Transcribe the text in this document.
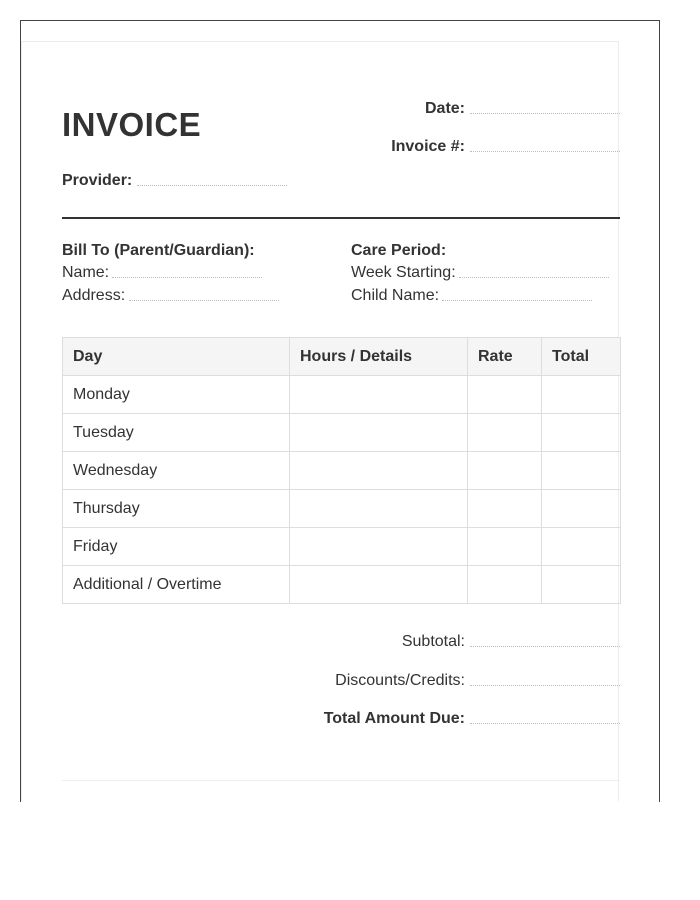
INVOICE	Date:
Invoice #:
Provider:
Bill To (Parent/Guardian):
Name:
Address:
Care Period:
Week Starting:
Child Name:
Day	Hours / Details	Rate	Total
Monday			
Tuesday			
Wednesday			
Thursday			
Friday			
Additional / Overtime			
Subtotal:
Discounts/Credits:
Total Amount Due:
